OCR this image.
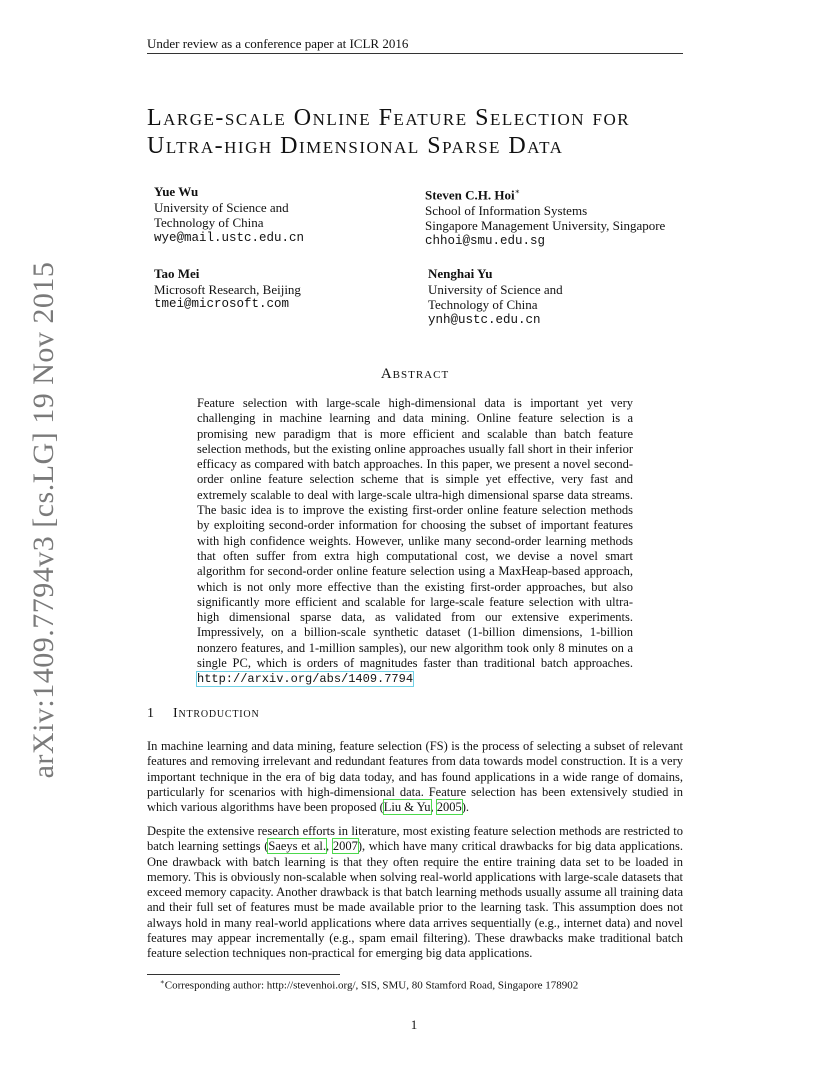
Under review as a conference paper at ICLR 2016
arXiv:1409.7794v3 [cs.LG] 19 Nov 2015
Large-scale Online Feature Selection for
Ultra-high Dimensional Sparse Data
Yue Wu
University of Science and
Technology of China
wye@mail.ustc.edu.cn
Steven C.H. Hoi∗
School of Information Systems
Singapore Management University, Singapore
chhoi@smu.edu.sg
Tao Mei
Microsoft Research, Beijing
tmei@microsoft.com
Nenghai Yu
University of Science and
Technology of China
ynh@ustc.edu.cn
Abstract
Feature selection with large-scale high-dimensional data is important yet very challenging in machine learning and data mining. Online feature selection is a promising new paradigm that is more efficient and scalable than batch feature selection methods, but the existing online approaches usually fall short in their inferior efficacy as compared with batch approaches. In this paper, we present a novel second-order online feature selection scheme that is simple yet effective, very fast and extremely scalable to deal with large-scale ultra-high dimensional sparse data streams. The basic idea is to improve the existing first-order online feature selection methods by exploiting second-order information for choosing the subset of important features with high confidence weights. However, unlike many second-order learning methods that often suffer from extra high computational cost, we devise a novel smart algorithm for second-order online feature selection using a MaxHeap-based approach, which is not only more effective than the existing first-order approaches, but also significantly more efficient and scalable for large-scale feature selection with ultra-high dimensional sparse data, as validated from our extensive experiments. Impressively, on a billion-scale synthetic dataset (1-billion dimensions, 1-billion nonzero features, and 1-million samples), our new algorithm took only 8 minutes on a single PC, which is orders of magnitudes faster than traditional batch approaches. http://arxiv.org/abs/1409.7794
1 Introduction
In machine learning and data mining, feature selection (FS) is the process of selecting a subset of relevant features and removing irrelevant and redundant features from data towards model construction. It is a very important technique in the era of big data today, and has found applications in a wide range of domains, particularly for scenarios with high-dimensional data. Feature selection has been extensively studied in which various algorithms have been proposed (Liu & Yu, 2005).
Despite the extensive research efforts in literature, most existing feature selection methods are restricted to batch learning settings (Saeys et al., 2007), which have many critical drawbacks for big data applications. One drawback with batch learning is that they often require the entire training data set to be loaded in memory. This is obviously non-scalable when solving real-world applications with large-scale datasets that exceed memory capacity. Another drawback is that batch learning methods usually assume all training data and their full set of features must be made available prior to the learning task. This assumption does not always hold in many real-world applications where data arrives sequentially (e.g., internet data) and novel features may appear incrementally (e.g., spam email filtering). These drawbacks make traditional batch feature selection techniques non-practical for emerging big data applications.
∗Corresponding author: http://stevenhoi.org/, SIS, SMU, 80 Stamford Road, Singapore 178902
1
